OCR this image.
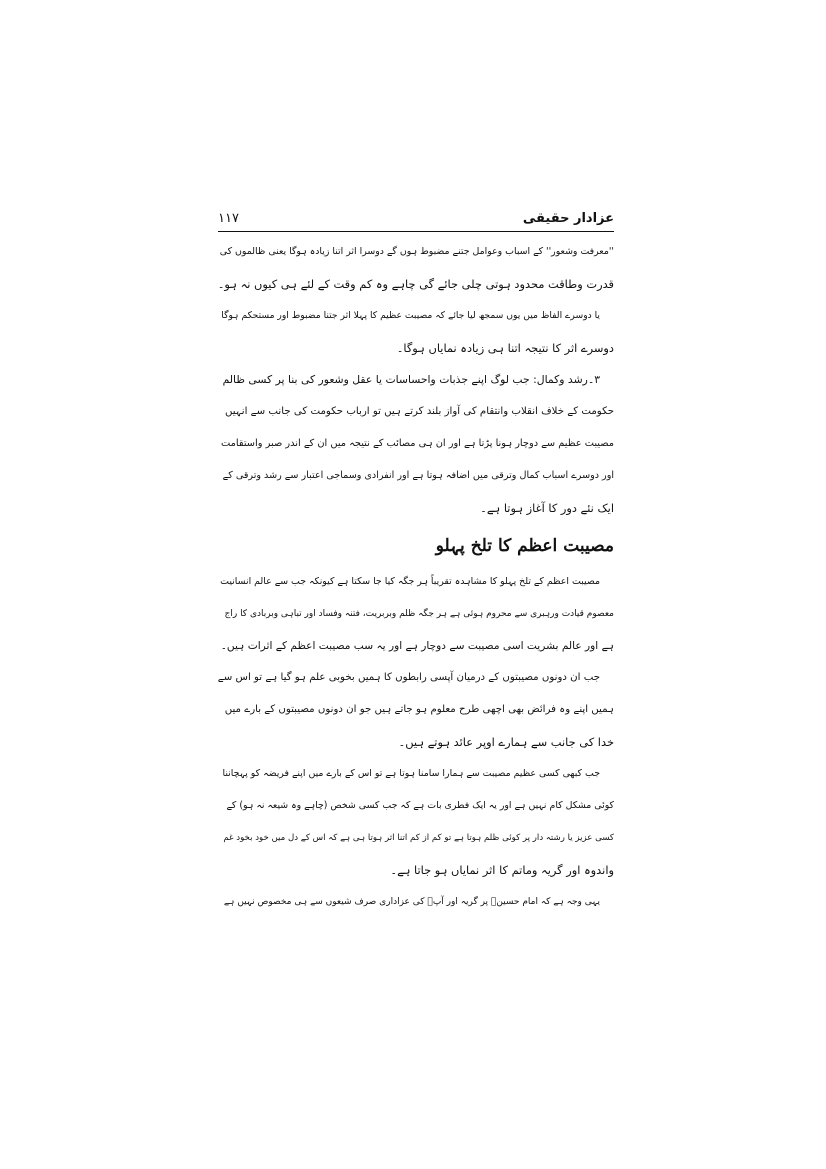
عزادار حقیقی
۱۱۷
''معرفت وشعور'' کے اسباب وعوامل جتنے مضبوط ہوں گے دوسرا اثر اتنا زیادہ ہوگا یعنی ظالموں کی
قدرت وطاقت محدود ہوتی چلی جائے گی چاہے وہ کم وقت کے لئے ہی کیوں نہ ہو۔
یا دوسرے الفاظ میں یوں سمجھ لیا جائے کہ مصیبت عظیم کا پہلا اثر جتنا مضبوط اور مستحکم ہوگا
دوسرے اثر کا نتیجہ اتنا ہی زیادہ نمایاں ہوگا۔
۳۔رشد وکمال: جب لوگ اپنے جذبات واحساسات یا عقل وشعور کی بنا پر کسی ظالم
حکومت کے خلاف انقلاب وانتقام کی آواز بلند کرتے ہیں تو ارباب حکومت کی جانب سے انہیں
مصیبت عظیم سے دوچار ہونا پڑتا ہے اور ان ہی مصائب کے نتیجہ میں ان کے اندر صبر واستقامت
اور دوسرے اسباب کمال وترقی میں اضافہ ہوتا ہے اور انفرادی وسماجی اعتبار سے رشد وترقی کے
ایک نئے دور کا آغاز ہوتا ہے۔
مصیبت اعظم کا تلخ پہلو
مصیبت اعظم کے تلخ پہلو کا مشاہدہ تقریباً ہر جگہ کیا جا سکتا ہے کیونکہ جب سے عالم انسانیت
معصوم قیادت ورہبری سے محروم ہوئی ہے ہر جگہ ظلم وبربریت، فتنہ وفساد اور تباہی وبربادی کا راج
ہے اور عالم بشریت اسی مصیبت سے دوچار ہے اور یہ سب مصیبت اعظم کے اثرات ہیں۔
جب ان دونوں مصیبتوں کے درمیان آپسی رابطوں کا ہمیں بخوبی علم ہو گیا ہے تو اس سے
ہمیں اپنے وہ فرائض بھی اچھی طرح معلوم ہو جاتے ہیں جو ان دونوں مصیبتوں کے بارے میں
خدا کی جانب سے ہمارے اوپر عائد ہوتے ہیں۔
جب کبھی کسی عظیم مصیبت سے ہمارا سامنا ہوتا ہے تو اس کے بارے میں اپنے فریضہ کو پہچاننا
کوئی مشکل کام نہیں ہے اور یہ ایک فطری بات ہے کہ جب کسی شخص (چاہے وہ شیعہ نہ ہو) کے
کسی عزیز یا رشتہ دار پر کوئی ظلم ہوتا ہے تو کم از کم اتنا اثر ہوتا ہی ہے کہ اس کے دل میں خود بخود غم
واندوہ اور گریہ وماتم کا اثر نمایاں ہو جاتا ہے۔
یہی وجہ ہے کہ امام حسینؑ پر گریہ اور آپؑ کی عزاداری صرف شیعوں سے ہی مخصوص نہیں ہے
